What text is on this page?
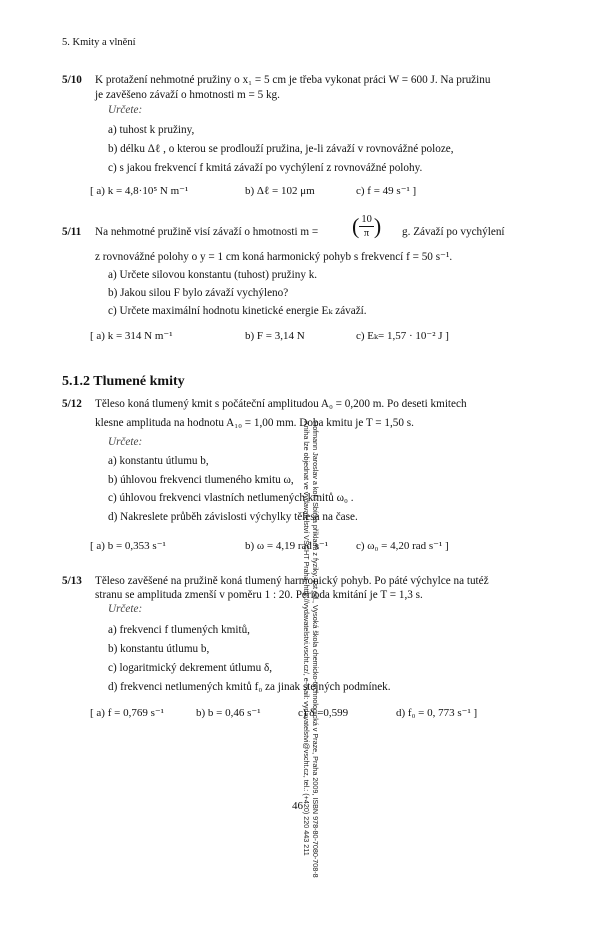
5. Kmity a vlnění
Hofmann Jaroslav a kol.: Sbírka příkladů z fyziky, 1st ed., Vysoká škola chemicko-technologická v Praze, Praha 2009, ISBN 978-80-7080-708-8
Kniha lze objednat ve vydavatelství VŠCHT Praha, http://vydavatelstvi.vscht.cz/, e-mail: vydavatelstvi@vscht.cz, tel.: (+420) 220 443 211
5/10 K protažení nehmotné pružiny o x₁ = 5 cm je třeba vykonat práci W = 600 J. Na pružinu
je zavěšeno závaží o hmotnosti m = 5 kg.
Určete:
a) tuhost k pružiny,
b) délku Δℓ , o kterou se prodlouží pružina, je-li závaží v rovnovážné poloze,
c) s jakou frekvencí f kmitá závaží po vychýlení z rovnovážné polohy.
[ a) k = 4,8·10⁵ N m⁻¹	b) Δℓ = 102 μm	c) f = 49 s⁻¹ ]
5/11 Na nehmotné pružině visí závaží o hmotnosti m = ( $\frac{10}{\pi}$ ) g. Závaží po vychýlení
z rovnovážné polohy o y = 1 cm koná harmonický pohyb s frekvencí f = 50 s⁻¹.
a) Určete silovou konstantu (tuhost) pružiny k.
b) Jakou silou F bylo závaží vychýleno?
c) Určete maximální hodnotu kinetické energie Eₖ závaží.
[ a) k = 314 N m⁻¹	b) F = 3,14 N	c) Eₖ= 1,57 · 10⁻² J ]
5.1.2 Tlumené kmity
5/12 Těleso koná tlumený kmit s počáteční amplitudou A₀ = 0,200 m. Po deseti kmitech
klesne amplituda na hodnotu A₁₀ = 1,00 mm. Doba kmitu je T = 1,50 s.
Určete:
a) konstantu útlumu b,
b) úhlovou frekvenci tlumeného kmitu ω,
c) úhlovou frekvenci vlastních netlumených kmitů ω₀ .
d) Nakreslete průběh závislosti výchylky tělesa na čase.
[ a) b = 0,353 s⁻¹	b) ω = 4,19 rad s⁻¹	c) ω₀ = 4,20 rad s⁻¹ ]
5/13 Těleso zavěšené na pružině koná tlumený harmonický pohyb. Po páté výchylce na tutéž
stranu se amplituda zmenší v poměru 1 : 20. Perioda kmitání je T = 1,3 s.
Určete:
a) frekvenci f tlumených kmitů,
b) konstantu útlumu b,
c) logaritmický dekrement útlumu δ,
d) frekvenci netlumených kmitů f₀ za jinak stejných podmínek.
[ a) f = 0,769 s⁻¹	b) b = 0,46 s⁻¹	c) δ =0,599	d) f₀ = 0, 773 s⁻¹ ]
46
